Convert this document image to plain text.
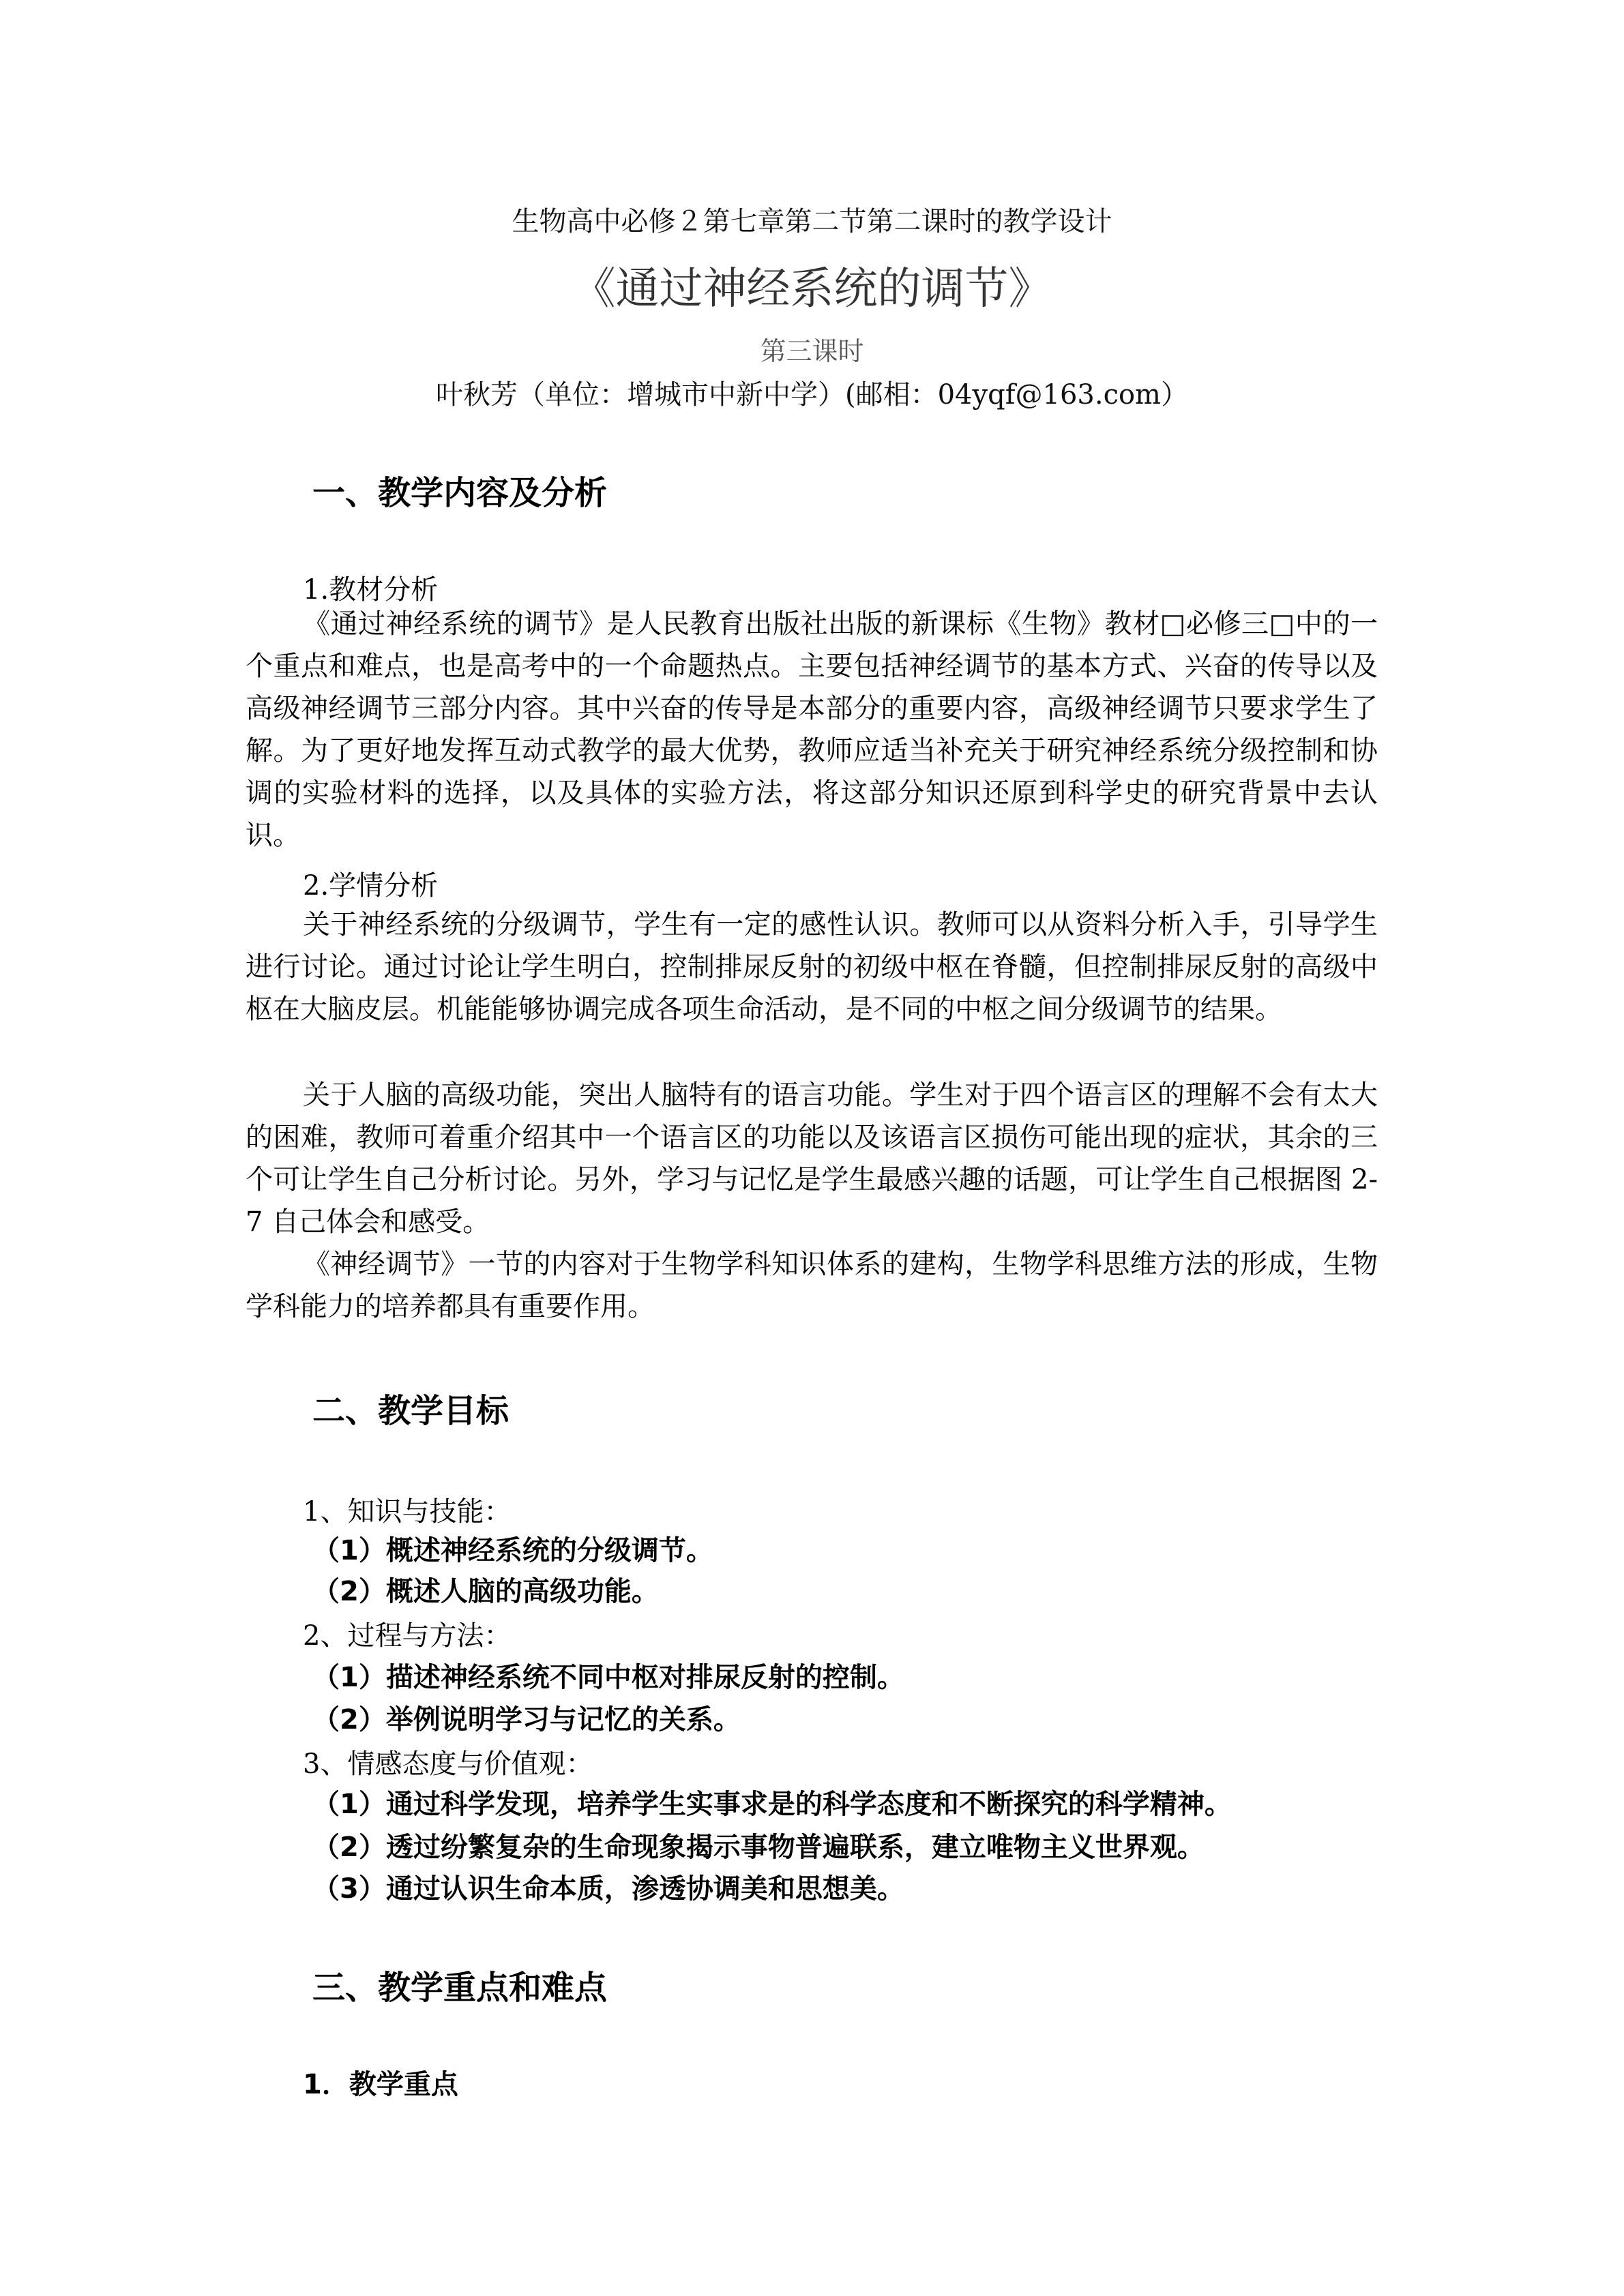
生物高中必修２第七章第二节第二课时的教学设计
《通过神经系统的调节》
第三课时
叶秋芳（单位：增城市中新中学）(邮相：04yqf@163.com）
一、教学内容及分析
1.教材分析

《通过神经系统的调节》是人民教育出版社出版的新课标《生物》教材□必修三□中的一个重点和难点，也是高考中的一个命题热点。主要包括神经调节的基本方式、兴奋的传导以及高级神经调节三部分内容。其中兴奋的传导是本部分的重要内容，高级神经调节只要求学生了解。为了更好地发挥互动式教学的最大优势，教师应适当补充关于研究神经系统分级控制和协调的实验材料的选择，以及具体的实验方法，将这部分知识还原到科学史的研究背景中去认识。

2.学情分析

关于神经系统的分级调节，学生有一定的感性认识。教师可以从资料分析入手，引导学生进行讨论。通过讨论让学生明白，控制排尿反射的初级中枢在脊髓，但控制排尿反射的高级中枢在大脑皮层。机能能够协调完成各项生命活动，是不同的中枢之间分级调节的结果。

关于人脑的高级功能，突出人脑特有的语言功能。学生对于四个语言区的理解不会有太大的困难，教师可着重介绍其中一个语言区的功能以及该语言区损伤可能出现的症状，其余的三个可让学生自己分析讨论。另外，学习与记忆是学生最感兴趣的话题，可让学生自己根据图 2-7 自己体会和感受。

《神经调节》一节的内容对于生物学科知识体系的建构，生物学科思维方法的形成，生物学科能力的培养都具有重要作用。

二、教学目标
1、知识与技能：
（1）概述神经系统的分级调节。
（2）概述人脑的高级功能。
2、过程与方法：
（1）描述神经系统不同中枢对排尿反射的控制。
（2）举例说明学习与记忆的关系。
3、情感态度与价值观：
（1）通过科学发现，培养学生实事求是的科学态度和不断探究的科学精神。
（2）透过纷繁复杂的生命现象揭示事物普遍联系，建立唯物主义世界观。
（3）通过认识生命本质，渗透协调美和思想美。
三、教学重点和难点
1．教学重点
